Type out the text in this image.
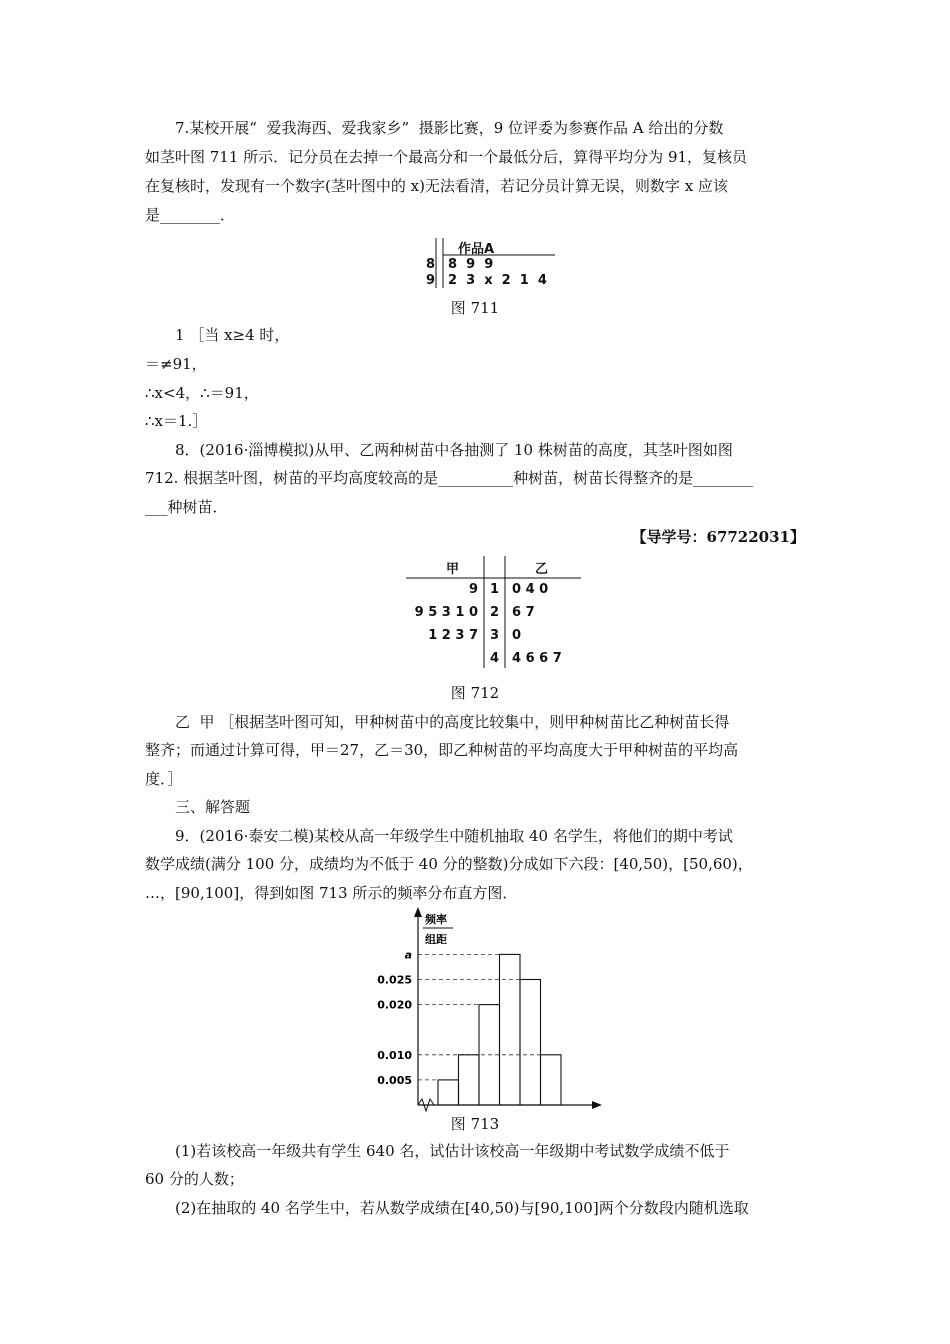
7.某校开展“  爱我海西、爱我家乡”  摄影比赛，9 位评委为参赛作品 A 给出的分数
如茎叶图 711 所示．记分员在去掉一个最高分和一个最低分后，算得平均分为 91，复核员
在复核时，发现有一个数字(茎叶图中的 x)无法看清，若记分员计算无误，则数字 x 应该
是________．
作品A
8 8  9  9
9 2  3  x  2  1  4
图 711
1 ［当 x≥4 时，
＝≠91，
∴x<4，∴＝91，
∴x＝1.］
8．(2016·淄博模拟)从甲、乙两种树苗中各抽测了 10 株树苗的高度，其茎叶图如图
712. 根据茎叶图，树苗的平均高度较高的是__________种树苗，树苗长得整齐的是________
___种树苗．
【导学号：67722031】
甲	乙
9 1 0 4 0
9 5 3 1 0 2 6 7
1 2 3 7 3 0
4 4 6 6 7
图 712
乙  甲 ［根据茎叶图可知，甲种树苗中的高度比较集中，则甲种树苗比乙种树苗长得
整齐；而通过计算可得，甲＝27，乙＝30，即乙种树苗的平均高度大于甲种树苗的平均高
度．］
三、解答题
9．(2016·泰安二模)某校从高一年级学生中随机抽取 40 名学生，将他们的期中考试
数学成绩(满分 100 分，成绩均为不低于 40 分的整数)分成如下六段：[40,50)，[50,60)，
…，[90,100]，得到如图 713 所示的频率分布直方图．
频率
组距
0.005
0.010
0.020
0.025
a
图 713
(1)若该校高一年级共有学生 640 名，试估计该校高一年级期中考试数学成绩不低于
60 分的人数；
(2)在抽取的 40 名学生中，若从数学成绩在[40,50)与[90,100]两个分数段内随机选取
